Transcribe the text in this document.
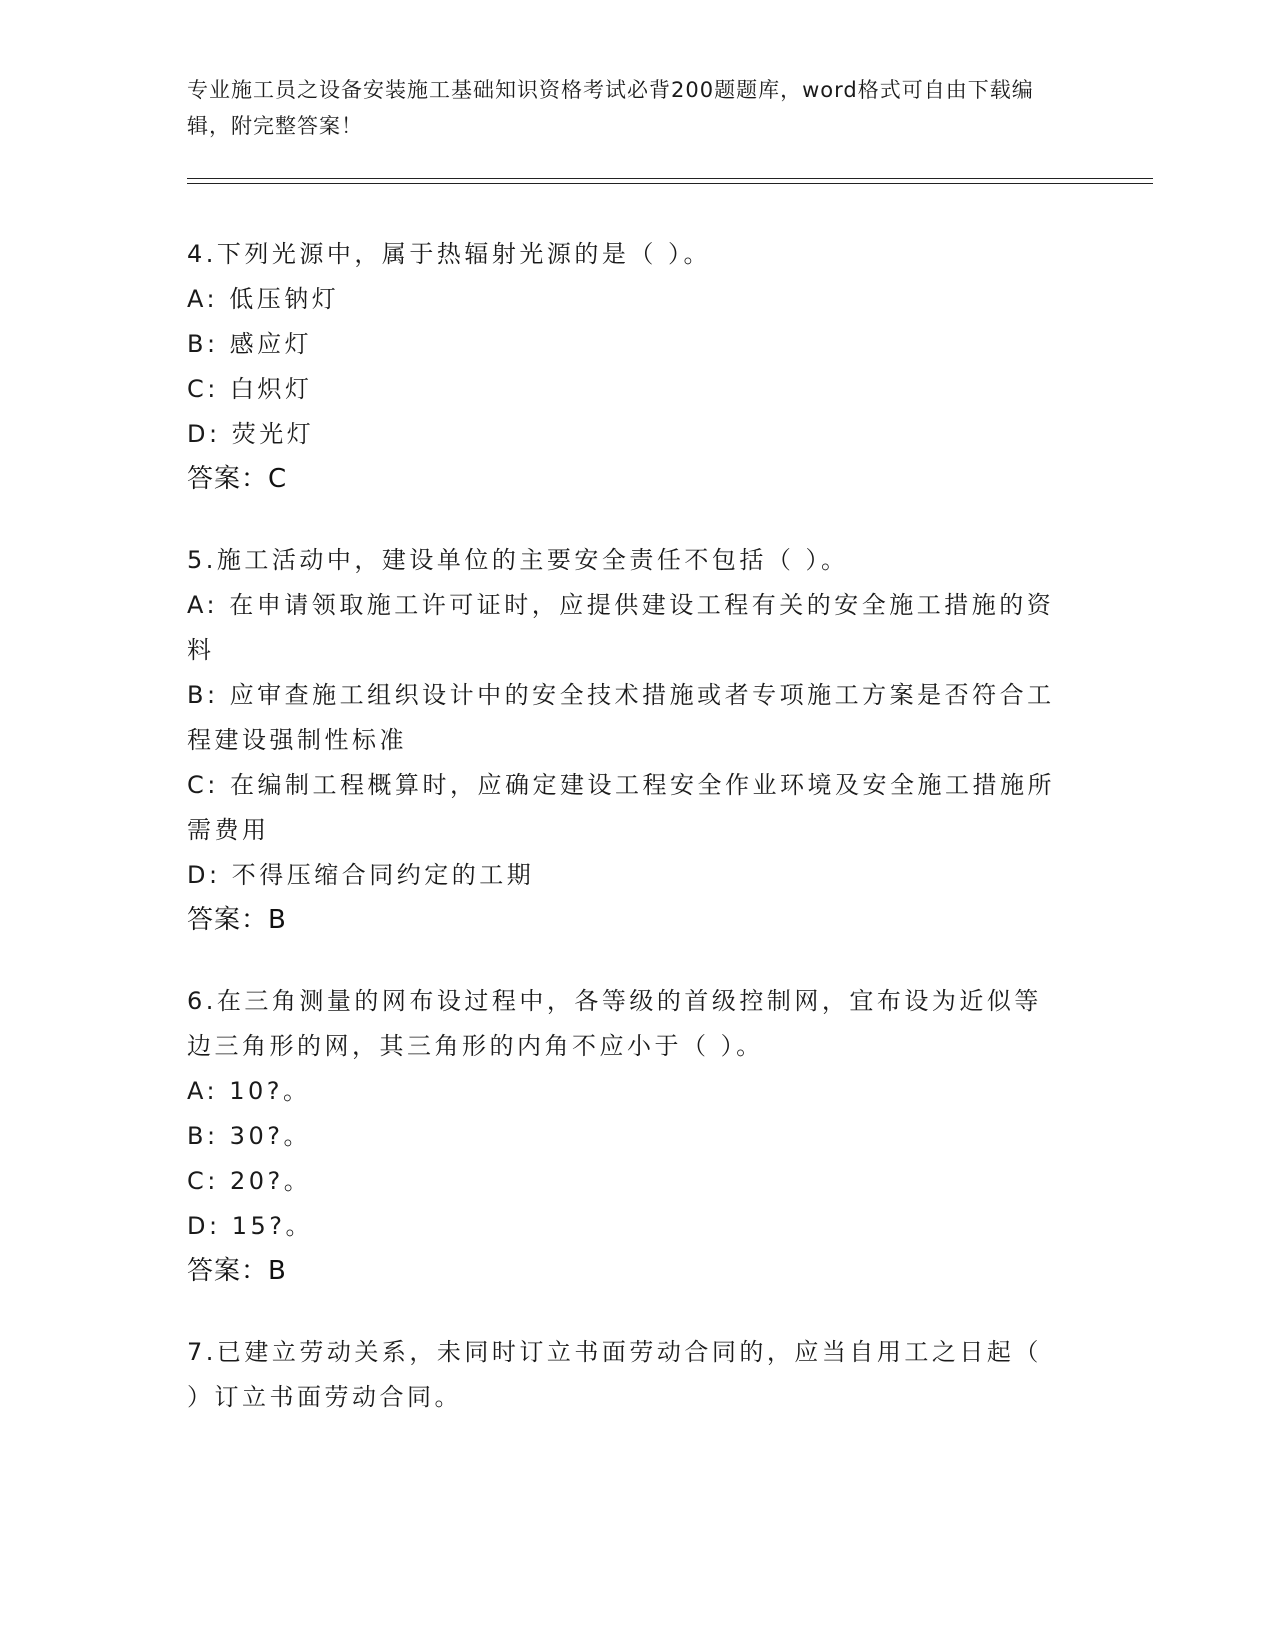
专业施工员之设备安装施工基础知识资格考试必背200题题库，word格式可自由下载编辑，附完整答案！
4.下列光源中，属于热辐射光源的是（ ）。
A: 低压钠灯
B: 感应灯
C: 白炽灯
D: 荧光灯
答案：C
5.施工活动中，建设单位的主要安全责任不包括（ ）。
A: 在申请领取施工许可证时，应提供建设工程有关的安全施工措施的资料
B: 应审查施工组织设计中的安全技术措施或者专项施工方案是否符合工程建设强制性标准
C: 在编制工程概算时，应确定建设工程安全作业环境及安全施工措施所需费用
D: 不得压缩合同约定的工期
答案：B
6.在三角测量的网布设过程中，各等级的首级控制网，宜布设为近似等边三角形的网，其三角形的内角不应小于（ ）。
A: 10?。
B: 30?。
C: 20?。
D: 15?。
答案：B
7.已建立劳动关系，未同时订立书面劳动合同的，应当自用工之日起（ ）订立书面劳动合同。
